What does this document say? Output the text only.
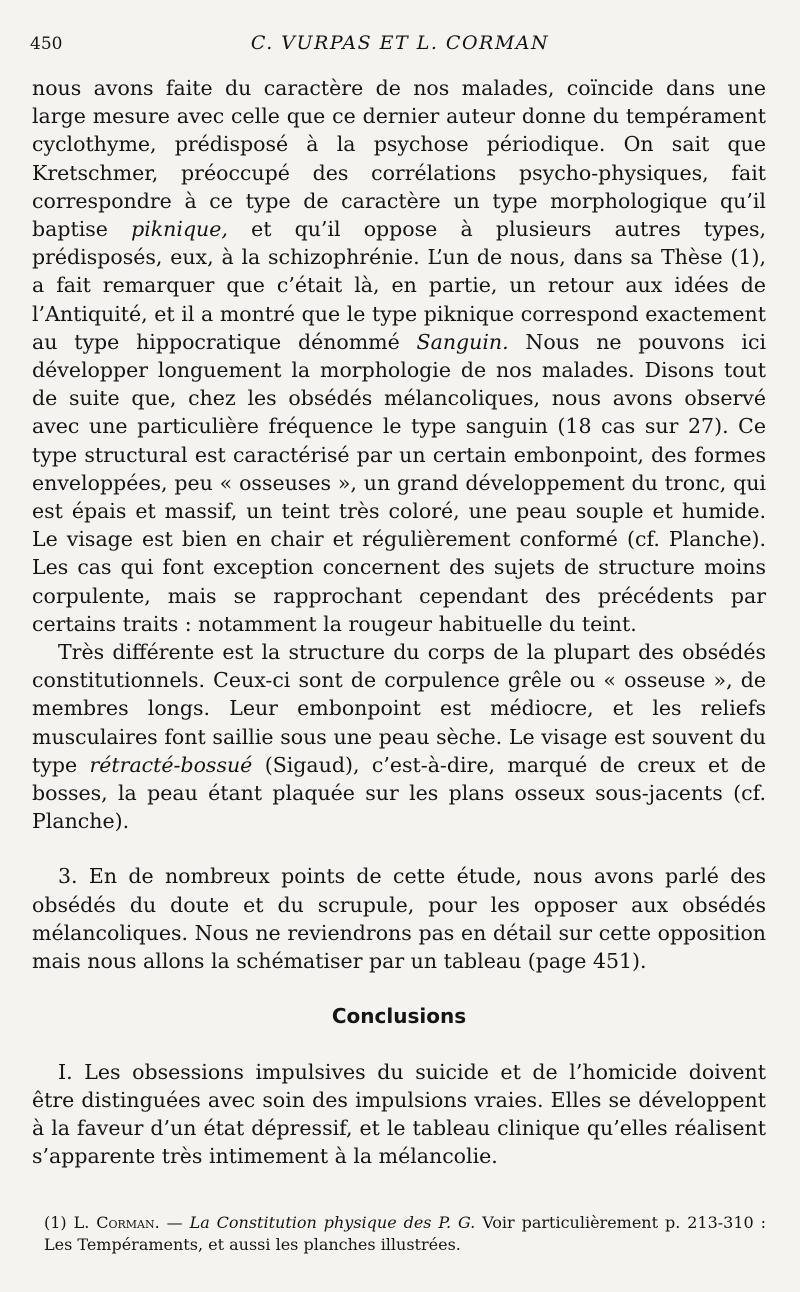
450	C. VURPAS ET L. CORMAN

nous avons faite du caractère de nos malades, coïncide dans une large mesure avec celle que ce dernier auteur donne du tempérament cyclothyme, prédisposé à la psychose périodique. On sait que Kretschmer, préoccupé des corrélations psycho-physiques, fait correspondre à ce type de caractère un type morphologique qu’il baptise piknique, et qu’il oppose à plusieurs autres types, prédisposés, eux, à la schizophrénie. L’un de nous, dans sa Thèse (1), a fait remarquer que c’était là, en partie, un retour aux idées de l’Antiquité, et il a montré que le type piknique correspond exactement au type hippocratique dénommé Sanguin. Nous ne pouvons ici développer longuement la morphologie de nos malades. Disons tout de suite que, chez les obsédés mélancoliques, nous avons observé avec une particulière fréquence le type sanguin (18 cas sur 27). Ce type structural est caractérisé par un certain embonpoint, des formes enveloppées, peu « osseuses », un grand développement du tronc, qui est épais et massif, un teint très coloré, une peau souple et humide. Le visage est bien en chair et régulièrement conformé (cf. Planche). Les cas qui font exception concernent des sujets de structure moins corpulente, mais se rapprochant cependant des précédents par certains traits : notamment la rougeur habituelle du teint.

Très différente est la structure du corps de la plupart des obsédés constitutionnels. Ceux-ci sont de corpulence grêle ou « osseuse », de membres longs. Leur embonpoint est médiocre, et les reliefs musculaires font saillie sous une peau sèche. Le visage est souvent du type rétracté-bossué (Sigaud), c’est-à-dire, marqué de creux et de bosses, la peau étant plaquée sur les plans osseux sous-jacents (cf. Planche).

3. En de nombreux points de cette étude, nous avons parlé des obsédés du doute et du scrupule, pour les opposer aux obsédés mélancoliques. Nous ne reviendrons pas en détail sur cette opposition mais nous allons la schématiser par un tableau (page 451).

Conclusions

I. Les obsessions impulsives du suicide et de l’homicide doivent être distinguées avec soin des impulsions vraies. Elles se développent à la faveur d’un état dépressif, et le tableau clinique qu’elles réalisent s’apparente très intimement à la mélancolie.

(1) L. Corman. — La Constitution physique des P. G. Voir particulièrement p. 213-310 : Les Tempéraments, et aussi les planches illustrées.
